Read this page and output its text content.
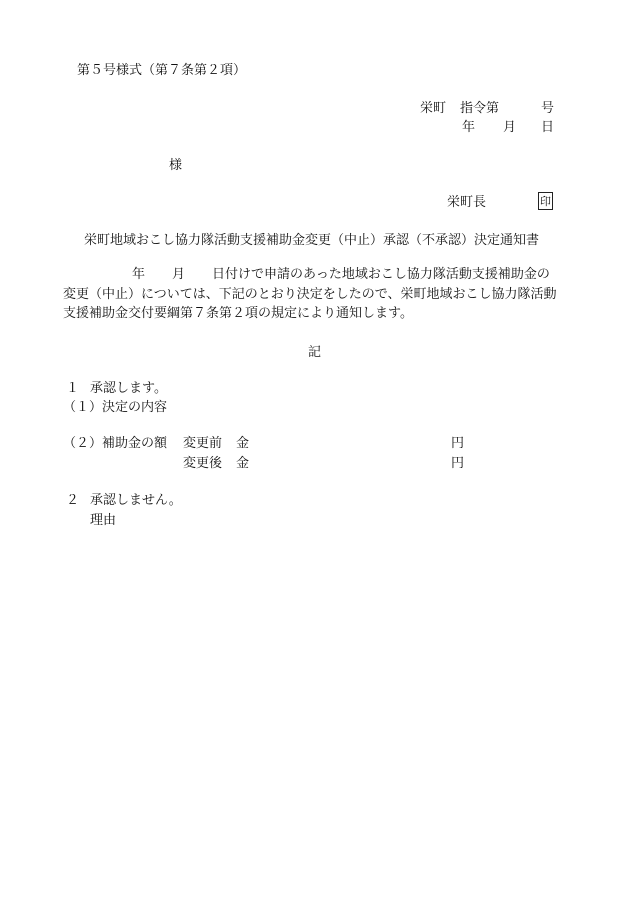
第５号様式（第７条第２項）
栄町 指令第	号
年 月 日
様
栄町長	印
栄町地域おこし協力隊活動支援補助金変更（中止）承認（不承認）決定通知書
年 月 日付けで申請のあった地域おこし協力隊活動支援補助金の
変更（中止）については、下記のとおり決定をしたので、栄町地域おこし協力隊活動
支援補助金交付要綱第７条第２項の規定により通知します。
記
１ 承認します。
（１）決定の内容
（２）補助金の額 変更前 金	円
変更後 金	円
２ 承認しません。
理由
